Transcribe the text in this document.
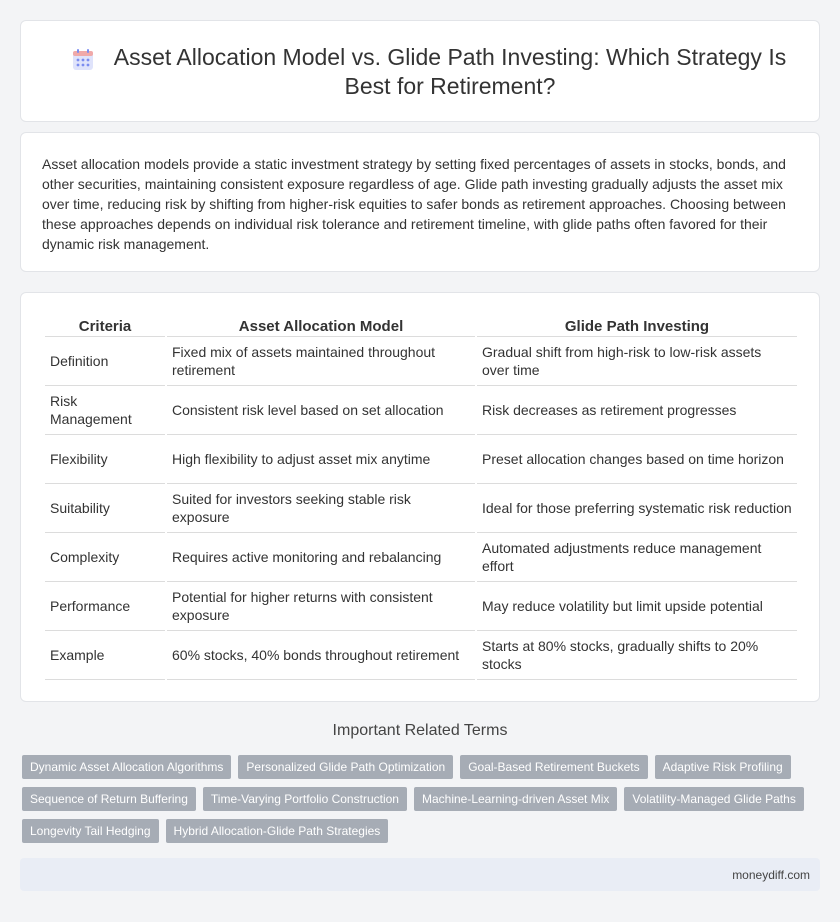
Asset Allocation Model vs. Glide Path Investing: Which Strategy Is Best for Retirement?

Asset allocation models provide a static investment strategy by setting fixed percentages of assets in stocks, bonds, and other securities, maintaining consistent exposure regardless of age. Glide path investing gradually adjusts the asset mix over time, reducing risk by shifting from higher-risk equities to safer bonds as retirement approaches. Choosing between these approaches depends on individual risk tolerance and retirement timeline, with glide paths often favored for their dynamic risk management.

Criteria	Asset Allocation Model	Glide Path Investing
Definition	Fixed mix of assets maintained throughout retirement	Gradual shift from high-risk to low-risk assets over time
Risk Management	Consistent risk level based on set allocation	Risk decreases as retirement progresses
Flexibility	High flexibility to adjust asset mix anytime	Preset allocation changes based on time horizon
Suitability	Suited for investors seeking stable risk exposure	Ideal for those preferring systematic risk reduction
Complexity	Requires active monitoring and rebalancing	Automated adjustments reduce management effort
Performance	Potential for higher returns with consistent exposure	May reduce volatility but limit upside potential
Example	60% stocks, 40% bonds throughout retirement	Starts at 80% stocks, gradually shifts to 20% stocks
Important Related Terms
Dynamic Asset Allocation Algorithms	Personalized Glide Path Optimization	Goal-Based Retirement Buckets	Adaptive Risk Profiling
Sequence of Return Buffering	Time-Varying Portfolio Construction	Machine-Learning-driven Asset Mix	Volatility-Managed Glide Paths
Longevity Tail Hedging	Hybrid Allocation-Glide Path Strategies
moneydiff.com
